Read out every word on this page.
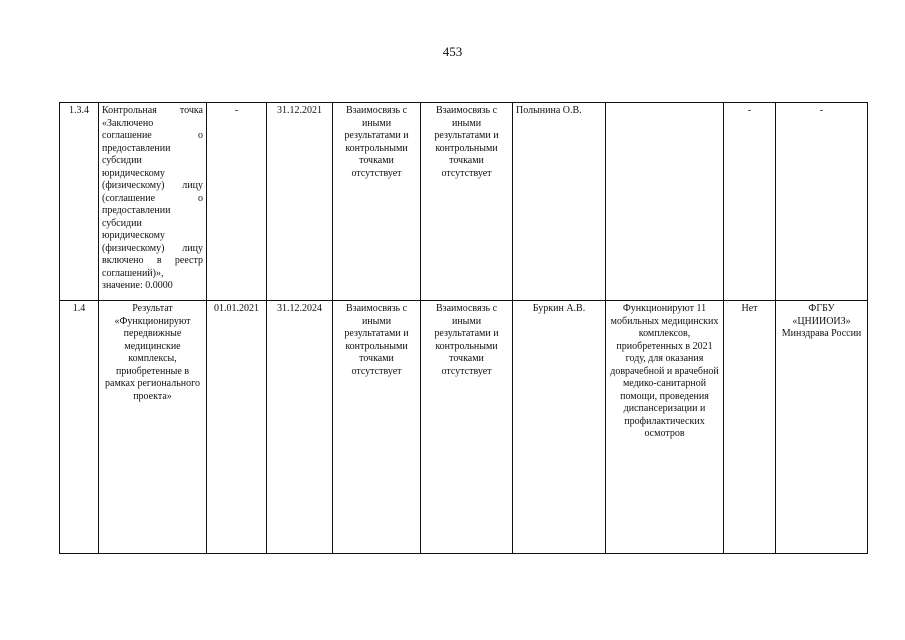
453
1.3.4	Контрольная точка «Заключено соглашение о предоставлении субсидии юридическому (физическому) лицу (соглашение о предоставлении субсидии юридическому (физическому) лицу включено в реестр соглашений)», значение: 0.0000	-	31.12.2021	Взаимосвязь с иными результатами и контрольными точками отсутствует	Взаимосвязь с иными результатами и контрольными точками отсутствует	Полынина О.В.		-	-
1.4	Результат «Функционируют передвижные медицинские комплексы, приобретенные в рамках регионального проекта»	01.01.2021	31.12.2024	Взаимосвязь с иными результатами и контрольными точками отсутствует	Взаимосвязь с иными результатами и контрольными точками отсутствует	Буркин А.В.	Функционируют 11 мобильных медицинских комплексов, приобретенных в 2021 году, для оказания доврачебной и врачебной медико-санитарной помощи, проведения диспансеризации и профилактических осмотров	Нет	ФГБУ «ЦНИИОИЗ» Минздрава России
